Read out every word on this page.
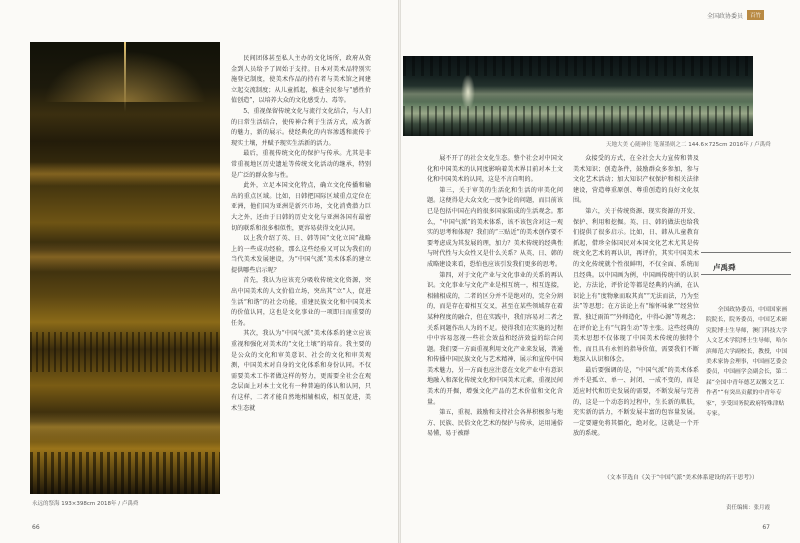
永远的祭海 193×398cm 2018年 / 卢禹舜

民间团体甚至私人主办的文化场所，政府从资金到人员给予了固始于支持。日本对美术品特别实施登记制度，使美术作品的持有者与美术馆之间建立起交流制度；从儿童抓起，推进全民参与“感性价值创造”，以培养大众的文化感受力、毒等。

5、重视保留传统文化与流行文化结合，与人们的日常生活结合，使传神合利于生活方式，成为新的魅力，新的展示。使经典化的内容渗透和流传于现实土壤，并赋予现实生活新的活力。

最后，重视传统文化的保护与传承。尤其是非常重视地区历史遗址等传统文化活动的继承，特别是广泛的群众参与性。

此外，立足本国文化特点，确立文化传播和输出的重点区域。比如，日韩把国际区域重点定位在亚洲，他们国为亚洲是新兴市场，文化消费潜力巨大之外，还由于日韩的历史文化与亚洲各国有最密切的联系和很多相似性，更容易获得文化认同。

以上我介绍了英、日、韩等国“文化立国”战略上的一些成功经验，那么这些经验又可以为我们的当代美术发展建设，为“中国气派”美术体系的建立提供哪些启示呢？

首先，我认为应该充分吸收传统文化资源，突出中国美术的人文价值立场，突出其“立”人，促进生活“和谐”的社会功能，重建民族文化和中国美术的价值认同，这也是文化事业的一项即日而重要的任务。

其次，我认为“中国气派”美术体系的建立应该重视和强化对美术的“文化土壤”的培育。我主要的是公众的文化和审美意识、社会的文化和审美观测，中国美术对自身的文化体系和身份认同。不仅需要美术工作者做这样的努力，更需要全社会在观念层面上对本土文化有一种普遍的体认和认同，只有这样，二者才能自然地相辅相成，相互促进，美术生态就

66
全国政协委员	百竹
天地大美 心随神往 笔谨墨则之二 144.6×725cm 2016年 / 卢禹舜

展不开了的社会文化生态。整个社会对中国文化和中国美术的认同度影响着美术界目前对本土文化和中国美术的认同，这是不言自明的。

第三，关于审美的生活化和生活的审美化问题。这便得是大众文化一度争论的问题，而目前该已是包括中国在内的很多国家陷成的生活观念。那么，“中国气派”的美术体系，该不该包含对这一观实的思考和体现？我们的“三贴近”的美术创作要不要考虑成为其发展的理，加力？美术传统的经典性与时代性与大众性又是什么关系？从英、日、韩的成略建设来看，恐怕也应该引发我们更多的思考。

第四，对于文化产业与文化事业的关系的再认识。文化事业与文化产业是相互统一，相互连接，相辅相成的，二者的区分并不是绝对的，完全分割的，而是存在着相互交叉，甚至在某些领域存在着某种程度的融合，但在实践中，我们容易对二者之关系问题作出人为的不足。使得我们在实施的过程中中容易忽视一些社会效益和经济效益的综合问题。我们要一方面重视利用文化产业来发展，普通和传播中国民族文化与艺术精神，展示和宣传中国美术魅力，另一方面也应注意在文化产业中有意识地融入和深化传统文化和中国美术元素，重视民间美术的开掘，增强文化产品的艺术价值和文化含量。

第五，重视、鼓励和支持社会各界积极参与地方、民族、民俗文化艺术的保护与传承，运用通俗易懂，易于被群

众接受的方式，在全社会大力宣传和普及美术知识；创造条件，鼓励群众多参加，参与文化艺术活动；加大知识产权保护和相关法律建设，营造尊重原创、尊重创造的良好文化氛围。

第六，关于传统资源、现实资源的开发、保护、利用和挖掘。英、日、韩的做法也给我们提供了很多启示。比如，日、韩从儿童教育抓起，借珍全体国民对本国文化艺术尤其是传统文化艺术的再认识，再评价，其实中国美术的文化传统就个性很鲜明，不仅全面、系统而且经典。以中国画为例，中国画传统中的认识论，方法论，评价论等都是经典的内涵，在认识论上有“度物象而取其真”“无法而法，乃为至法”等思想；在方法论上有“缩怀味象”“经营位置、独迁雨笛”“外师造化，中得心源”等观念；在评价论上有“气韵生动”等主张。这些经典的美术思想不仅体现了中国美术传统的独特个性，而且具有永恒的指导价值，需要我们不断地深入认识和体会。

最后要强调的是，“中国气派”的美术体系并不是孤立、单一、封闭、一成不变的，而是适应时代和历史发展的需要，不断发展与完善的，这是一个动态的过程中，生长新的肌肤，充实新的活力，不断发展丰富的包容量发展。一定要避免将其僵化，绝对化，这就是一个开放的系统。

（文本节选自《关于“中国气派”美术体系建设的若干思考》）
责任编辑：张月霞
卢禹舜

全国政协委员，中国国家画院院长，院务委员，中国艺术研究院博士生导师，澳门科技大学人文艺术学院博士生导师，哈尔滨师范大学副校长，教授，中国美术家协会理事，中国画艺委会委员，中国画学会副会长，第二届“全国中青年德艺双馨文艺工作者”“有突出贡献的中青年专家”，享受国务院政府特殊津贴专家。

67
